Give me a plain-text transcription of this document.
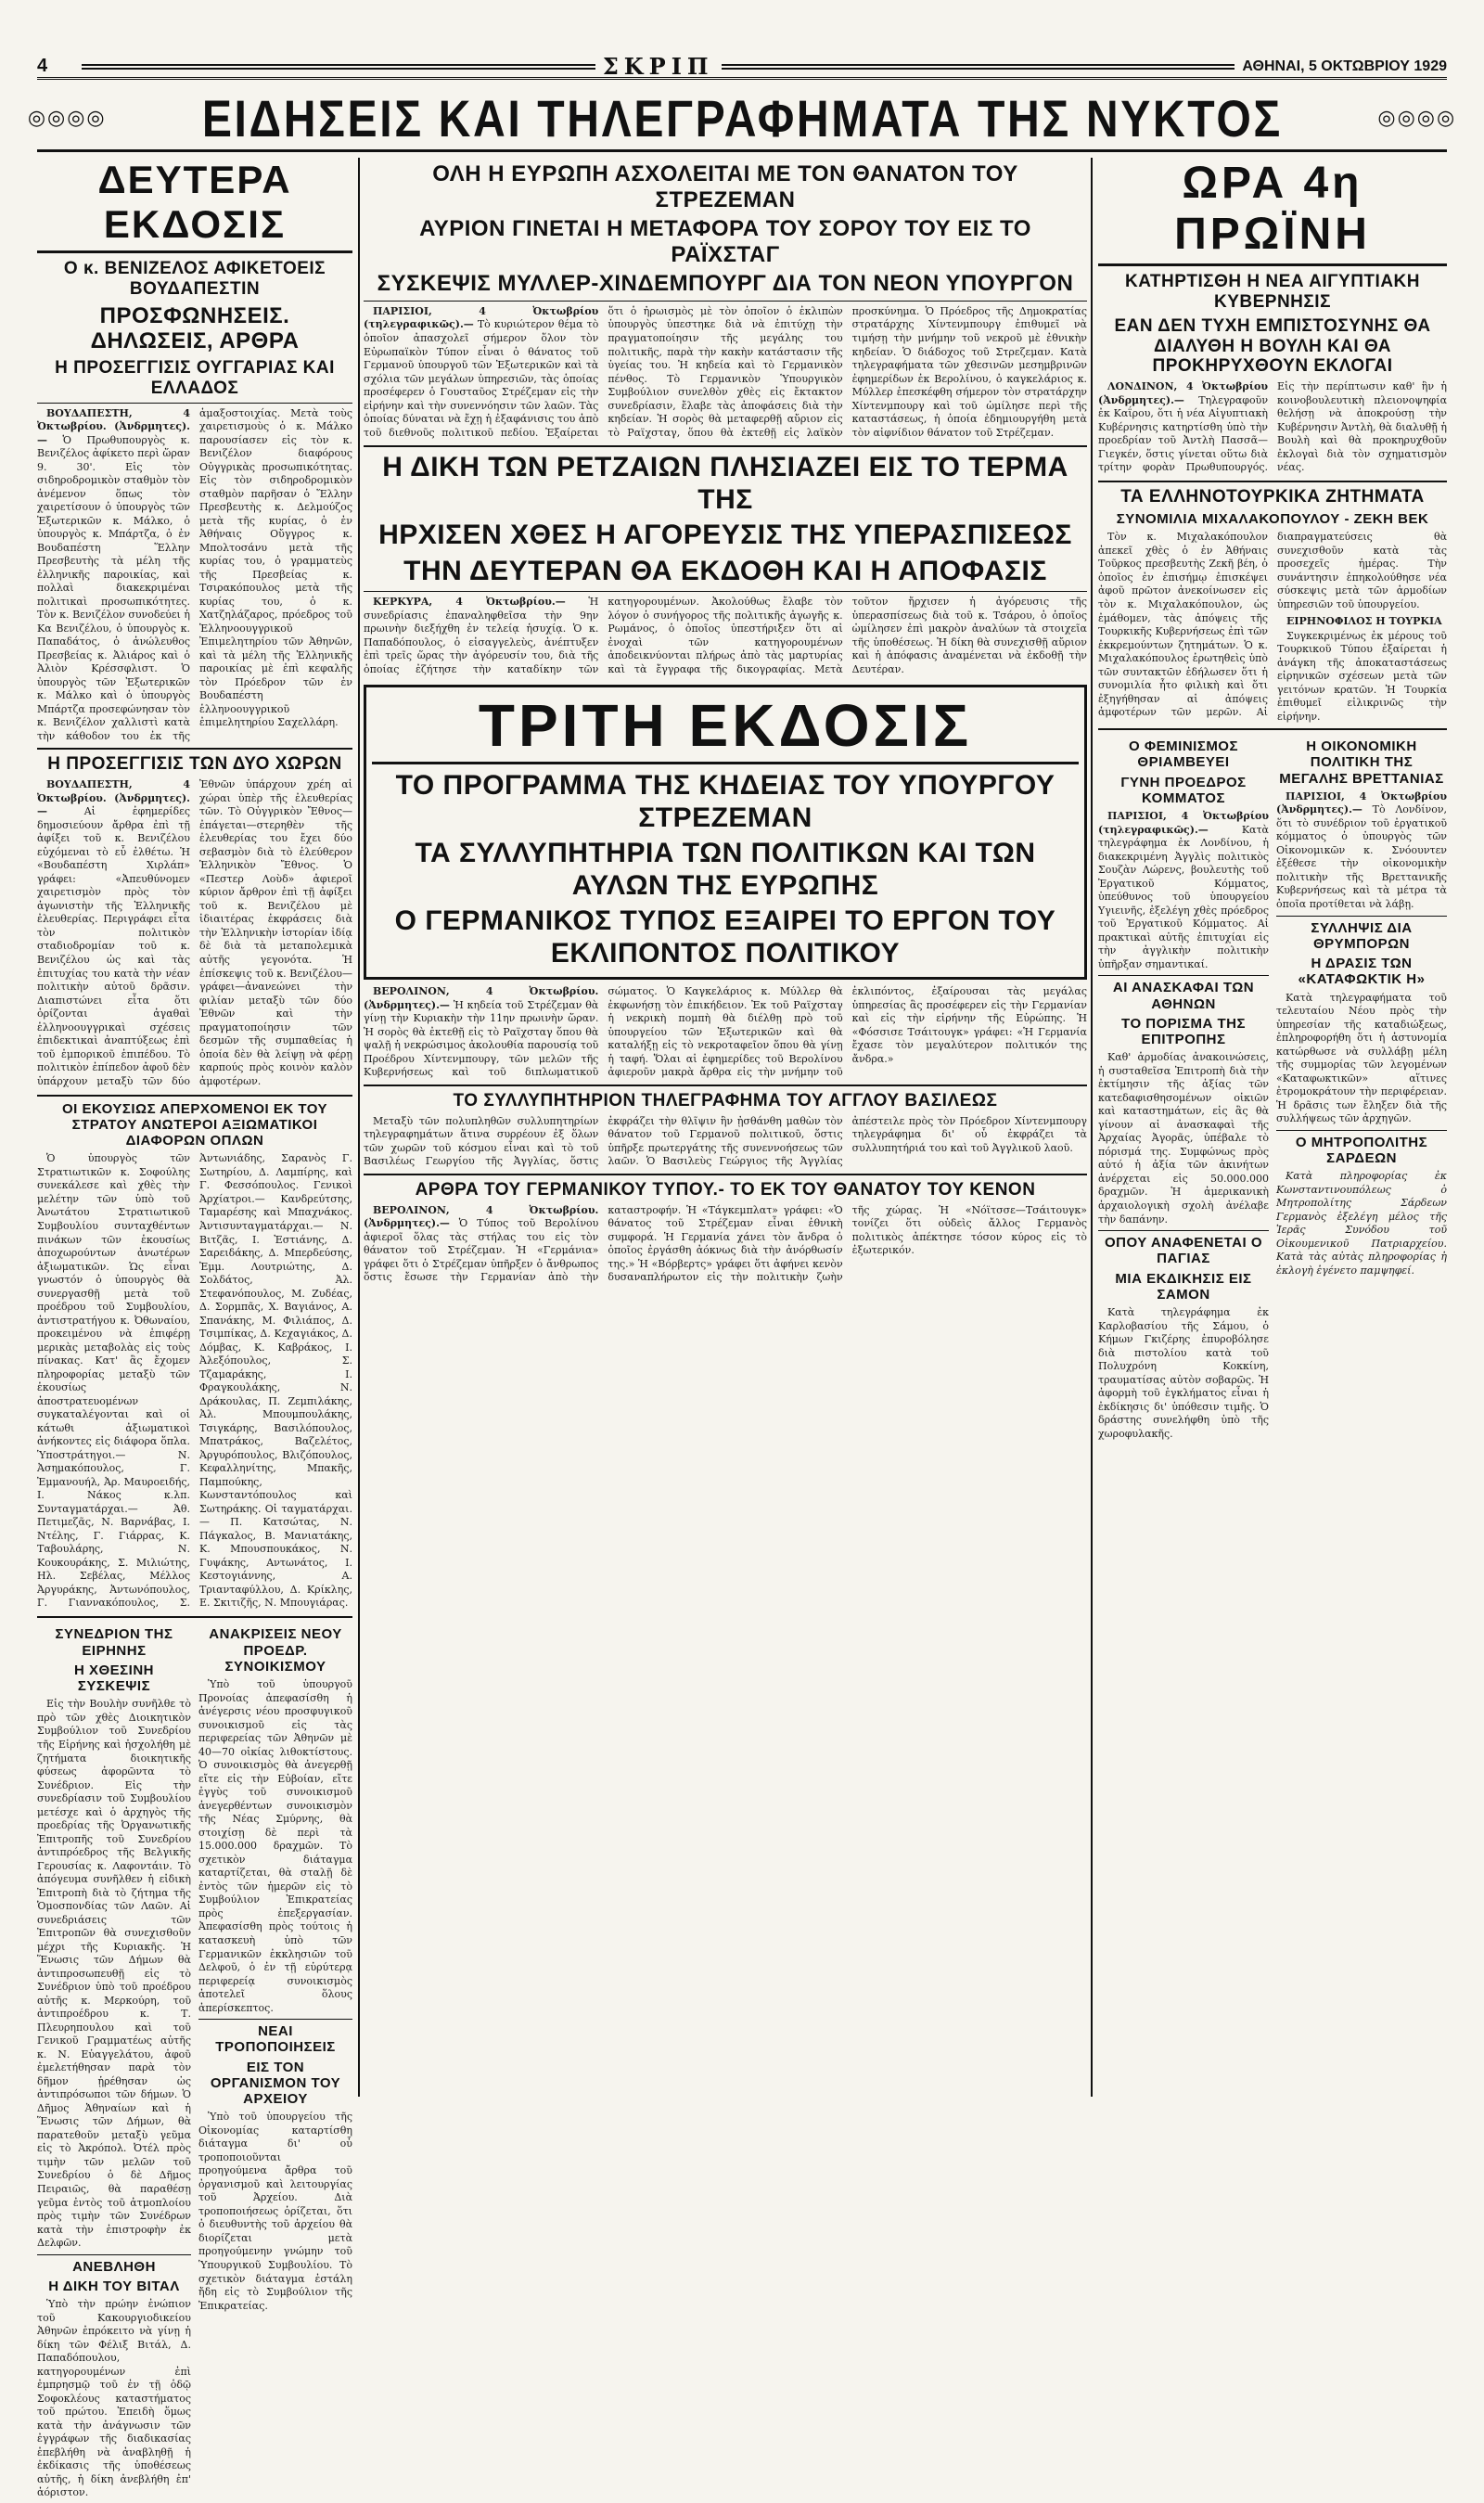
4	ΣΚΡΙΠ	ΑΘΗΝΑΙ, 5 ΟΚΤΩΒΡΙΟΥ 1929
◎◎◎◎ ΕΙΔΗΣΕΙΣ ΚΑΙ ΤΗΛΕΓΡΑΦΗΜΑΤΑ ΤΗΣ ΝΥΚΤΟΣ	◎◎◎◎
ΔΕΥΤΕΡΑ ΕΚΔΟΣΙΣ
Ο κ. ΒΕΝΙΖΕΛΟΣ ΑΦΙΚΕΤΟΕΙΣ ΒΟΥΔΑΠΕΣΤΙΝ
ΠΡΟΣΦΩΝΗΣΕΙΣ. ΔΗΛΩΣΕΙΣ, ΑΡΘΡΑ
Η ΠΡΟΣΕΓΓΙΣΙΣ ΟΥΓΓΑΡΙΑΣ ΚΑΙ ΕΛΛΑΔΟΣ

ΒΟΥΔΑΠΕΣΤΗ, 4 Ὀκτωβρίου. (Ἀνδρμητες).— Ὁ Πρωθυπουργὸς κ. Βενιζέλος ἀφίκετο περὶ ὥραν 9. 30'. Εἰς τὸν σιδηροδρομικὸν σταθμὸν τὸν ἀνέμενον ὅπως τὸν χαιρετίσουν ὁ ὑπουργὸς τῶν Ἐξωτερικῶν κ. Μάλκο, ὁ ὑπουργὸς κ. Μπάρτζα, ὁ ἐν Βουδαπέστη Ἕλλην Πρεσβευτὴς τὰ μέλη τῆς ἑλληνικῆς παροικίας, καὶ πολλαὶ διακεκριμέναι πολιτικαὶ προσωπικότητες. Τὸν κ. Βενιζέλον συνοδεύει ἡ Κα Βενιζέλου, ὁ ὑπουργὸς κ. Παπαδάτος, ὁ ἀνώλευθος Πρεσβείας κ. Ἀλιάρος καὶ ὁ Ἀλιὸν Κρέσσφλιστ. Ὁ ὑπουργὸς τῶν Ἐξωτερικῶν κ. Μάλκο καὶ ὁ ὑπουργὸς Μπάρτζα προσεφώνησαν τὸν κ. Βενιζέλον χαλλιστὶ κατὰ τὴν κάθοδον του ἐκ τῆς ἁμαξοστοιχίας. Μετὰ τοὺς χαιρετισμοὺς ὁ κ. Μάλκο παρουσίασεν εἰς τὸν κ. Βενιζέλον διαφόρους Οὐγγρικὰς προσωπικότητας. Εἰς τὸν σιδηροδρομικὸν σταθμὸν παρῆσαν ὁ Ἕλλην Πρεσβευτὴς κ. Δελμούζος μετὰ τῆς κυρίας, ὁ ἐν Ἀθήναις Οὔγγρος κ. Μπολτοσάνυ μετὰ τῆς κυρίας του, ὁ γραμματεὺς τῆς Πρεσβείας κ. Τσιρακόπουλος μετὰ τῆς κυρίας του, ὁ κ. Χατζηλάζαρος, πρόεδρος τοῦ Ἑλληνοουγγρικοῦ Ἐπιμελητηρίου τῶν Ἀθηνῶν, καὶ τὰ μέλη τῆς Ἑλληνικῆς παροικίας μὲ ἐπὶ κεφαλῆς τὸν Πρόεδρον τῶν ἐν Βουδαπέστη ἑλληνοουγγρικοῦ ἐπιμελητηρίου Σαχελλάρη.

Η ΠΡΟΣΕΓΓΙΣΙΣ ΤΩΝ ΔΥΟ ΧΩΡΩΝ

ΒΟΥΔΑΠΕΣΤΗ, 4 Ὀκτωβρίου. (Ἀνδρμητες).—	Αἱ ἐφημερίδες δημοσιεύουν ἄρθρα ἐπὶ τῇ ἀφίξει τοῦ κ. Βενιζέλου εὐχόμεναι τὸ εὖ ἐλθέτω. Ἡ «Βουδαπέστη Χιρλάπ» γράφει: «Ἀπευθύνομεν χαιρετισμὸν πρὸς τὸν ἀγωνιστὴν τῆς Ἑλληνικῆς ἐλευθερίας. Περιγράφει εἶτα τὸν πολιτικὸν σταδιοδρομίαν τοῦ κ. Βενιζέλου ὡς καὶ τὰς ἐπιτυχίας του κατὰ τὴν νέαν πολιτικὴν αὐτοῦ δρᾶσιν. Διαπιστώνει εἶτα ὅτι ὁρίζονται ἀγαθαὶ ἑλληνοουγγρικαὶ σχέσεις ἐπιδεκτικαὶ ἀναπτύξεως ἐπὶ τοῦ ἐμπορικοῦ ἐπιπέδου. Τὸ πολιτικὸν ἐπίπεδον ἀφοῦ δὲν ὑπάρχουν μεταξὺ τῶν δύο Ἐθνῶν ὑπάρχουν χρέη αἱ χώραι ὑπὲρ τῆς ἐλευθερίας τῶν. Τὸ Οὐγγρικὸν Ἔθνος—ἐπάγεται—στερηθὲν τῆς ἐλευθερίας του ἔχει δύο σεβασμὸν διὰ τὸ ἐλεύθερον Ἑλληνικὸν Ἔθνος. Ὁ «Πεστερ Λοὺδ» ἀφιεροῖ κύριον ἄρθρον ἐπὶ τῇ ἀφίξει τοῦ κ. Βενιζέλου μὲ ἰδιαιτέρας ἐκφράσεις διὰ τὴν Ἑλληνικὴν ἱστορίαν ἰδίᾳ δὲ διὰ τὰ μεταπολεμικὰ αὐτῆς γεγονότα. Ἡ ἐπίσκεψις τοῦ κ. Βενιζέλου—γράφει—ἀνανεώνει τὴν φιλίαν μεταξὺ τῶν δύο Ἐθνῶν καὶ τὴν πραγματοποίησιν τῶν δεσμῶν τῆς συμπαθείας ἡ ὁποία δὲν θὰ λείψῃ νὰ φέρῃ καρπούς πρὸς κοινὸν καλὸν ἀμφοτέρων.

ΟΙ ΕΚΟΥΣΙΩΣ ΑΠΕΡΧΟΜΕΝΟΙ ΕΚ ΤΟΥ ΣΤΡΑΤΟΥ ΑΝΩΤΕΡΟΙ ΑΞΙΩΜΑΤΙΚΟΙ ΔΙΑΦΟΡΩΝ ΟΠΛΩΝ

Ὁ ὑπουργὸς τῶν Στρατιωτικῶν κ. Σοφούλης συνεκάλεσε καὶ χθὲς τὴν μελέτην τῶν ὑπὸ τοῦ Ἀνωτάτου Στρατιωτικοῦ Συμβουλίου συνταχθέντων πινάκων τῶν ἑκουσίως ἀποχωρούντων ἀνωτέρων ἀξιωματικῶν. Ὡς εἶναι γνωστόν ὁ ὑπουργὸς θὰ συνεργασθῇ μετὰ τοῦ προέδρου τοῦ Συμβουλίου, ἀντιστρατήγου κ. Ὀθωναίου, προκειμένου νὰ ἐπιφέρῃ μερικὰς μεταβολὰς εἰς τοὺς πίνακας. Κατ' ἃς ἔχομεν πληροφορίας μεταξὺ τῶν ἑκουσίως ἀποστρατευομένων συγκαταλέγονται καὶ οἱ κάτωθι ἀξιωματικοὶ ἀνήκοντες εἰς διάφορα ὅπλα. Ὑποστράτηγοι.— Ν. Ἀσημακόπουλος, Γ. Ἐμμανουήλ, Ἀρ. Μαυροειδής, Ι. Νάκος κ.λπ. Συνταγματάρχαι.— Ἀθ. Πετιμεζᾶς, Ν. Βαρνάβας, Ι. Ντέλης, Γ. Γιάρρας, Κ. Ταβουλάρης, Ν. Κουκουράκης, Σ. Μιλιώτης, Ηλ. Σεβέλας, Μέλλος Ἀργυράκης, Ἀντωνόπουλος, Γ. Γιαννακόπουλος, Σ. Ἀντωνιάδης, Σαρανὸς Γ. Σωτηρίου, Δ. Λαμπίρης, καὶ Γ. Φεσσόπουλος. Γενικοὶ Ἀρχίατροι.— Κανδρεύτσης, Ταμαρέσης καὶ Μπαχνάκος. Ἀντισυνταγματάρχαι.— Ν. Βιτζᾶς, Ι. Ἐστιάνης, Δ. Σαρειδάκης, Δ. Μπερδεύσης, Ἐμμ. Λουτριώτης, Δ. Σολδάτος, Ἀλ. Στεφανόπουλος, Μ. Ζυδέας, Δ. Σορμπᾶς, Χ. Βαγιάνος, Α. Σπανάκης, Μ. Φιλιάπος, Δ. Τσιμπίκας, Δ. Κεχαγιάκος, Δ. Δόμβας, Κ. Καβράκος, Ι. Ἀλεξόπουλος, Σ. Τζαμαράκης, Ι. Φραγκουλάκης, Ν. Δράκουλας, Π. Ζεμπιλάκης, Ἀλ. Μπουμπουλάκης, Τσιγκάρης, Βασιλόπουλος, Μπατράκος, Βαζελέτος, Ἀργυρόπουλος, Βλιζόπουλος, Κεφαλληνίτης, Μπακῆς, Παμπούκης, Κωνσταντόπουλος καὶ Σωτηράκης. Οἱ ταγματάρχαι.— Π. Κατσώτας, Ν. Πάγκαλος, Β. Μανιατάκης, Κ. Μπουσπουκάκος, Ν. Γυψάκης, Αντωνάτος, Ι. Κεστογιάννης, Α. Τριανταφύλλου, Δ. Κρίκλης, Ε. Σκιτιζῆς, Ν. Μπουγιάρας.

ΣΥΝΕΔΡΙΟΝ ΤΗΣ ΕΙΡΗΝΗΣ
Η ΧΘΕΣΙΝΗ ΣΥΣΚΕΨΙΣ

Εἰς τὴν Βουλὴν συνῆλθε τὸ πρὸ τῶν χθὲς Διοικητικὸν Συμβούλιον τοῦ Συνεδρίου τῆς Εἰρήνης καὶ ἠσχολήθη μὲ ζητήματα διοικητικῆς φύσεως ἀφορῶντα τὸ Συνέδριον. Εἰς τὴν συνεδρίασιν τοῦ Συμβουλίου μετέσχε καὶ ὁ ἀρχηγὸς τῆς προεδρίας τῆς Ὀργανωτικῆς Ἐπιτροπῆς τοῦ Συνεδρίου ἀντιπρόεδρος τῆς Βελγικῆς Γερουσίας κ. Λαφοντάιν. Τὸ ἀπόγευμα συνῆλθεν ἡ εἰδικὴ Ἐπιτροπὴ διὰ τὸ ζήτημα τῆς Ὁμοσπονδίας τῶν Λαῶν. Αἱ συνεδριάσεις τῶν Ἐπιτροπῶν θὰ συνεχισθοῦν μέχρι τῆς Κυριακῆς. Ἡ Ἕνωσις τῶν Δήμων θὰ ἀντιπροσωπευθῇ εἰς τὸ Συνέδριον ὑπὸ τοῦ προέδρου αὐτῆς κ. Μερκούρη, τοῦ ἀντιπροέδρου κ. Τ. Πλευρηπουλου καὶ τοῦ Γενικοῦ Γραμματέως αὐτῆς κ. Ν. Εὐαγγελάτου, ἀφοῦ ἐμελετήθησαν παρὰ τὸν δῆμον ᾑρέθησαν ὡς ἀντιπρόσωποι τῶν δήμων. Ὁ Δῆμος Ἀθηναίων καὶ ἡ Ἕνωσις τῶν Δήμων, θὰ παρατεθοῦν μεταξὺ γεῦμα εἰς τὸ Ἀκρόπολ. Ὀτέλ πρὸς τιμὴν τῶν μελῶν τοῦ Συνεδρίου ὁ δὲ Δῆμος Πειραιῶς, θὰ παραθέσῃ γεῦμα ἐντὸς τοῦ ἀτμοπλοίου πρὸς τιμὴν τῶν Συνέδρων κατὰ τὴν ἐπιστροφὴν ἐκ Δελφῶν.

ΑΝΕΒΛΗΘΗ
Η ΔΙΚΗ ΤΟΥ ΒΙΤΑΛ

Ὑπὸ τὴν πρώην ἐνώπιον τοῦ Κακουργιοδικείου Ἀθηνῶν ἐπρόκειτο νὰ γίνῃ ἡ δίκη τῶν Φέλιξ Βιτάλ, Δ. Παπαδόπουλου, κατηγορουμένων ἐπὶ ἐμπρησμῷ τοῦ ἐν τῇ ὁδῷ Σοφοκλέους καταστήματος τοῦ πρώτου. Ἐπειδὴ ὅμως κατὰ τὴν ἀνάγνωσιν τῶν ἐγγράφων τῆς διαδικασίας ἐπεβλήθη νὰ ἀναβληθῇ ἡ ἐκδίκασις τῆς ὑποθέσεως αὐτῆς, ἡ δίκη ἀνεβλήθη ἐπ' ἀόριστον.

ΑΝΑΚΡΙΣΕΙΣ ΝΕΟΥ ΠΡΟΕΔΡ. ΣΥΝΟΙΚΙΣΜΟΥ

Ὑπὸ τοῦ ὑπουργοῦ Προνοίας ἀπεφασίσθη ἡ ἀνέγερσις νέου προσφυγικοῦ συνοικισμοῦ εἰς τὰς περιφερείας τῶν Ἀθηνῶν μὲ 40—70 οἰκίας λιθοκτίστους. Ὁ συνοικισμὸς θὰ ἀνεγερθῇ εἴτε εἰς τὴν Εὐβοίαν, εἴτε ἐγγὺς τοῦ συνοικισμοῦ ἀνεγερθέντων συνοικισμὸν τῆς Νέας Σμύρνης, θὰ στοιχίσῃ δὲ περὶ τὰ 15.000.000 δραχμῶν. Τὸ σχετικὸν διάταγμα καταρτίζεται, θὰ σταλῇ δὲ ἐντὸς τῶν ἡμερῶν εἰς τὸ Συμβούλιον Ἐπικρατείας πρὸς ἐπεξεργασίαν. Ἀπεφασίσθη πρὸς τούτοις ἡ κατασκευὴ ὑπὸ τῶν Γερμανικῶν ἐκκλησιῶν τοῦ Δελφοῦ, ὁ ἐν τῇ εὐρύτερᾳ περιφερείᾳ συνοικισμὸς ἀποτελεῖ ὅλους ἀπερίσκεπτος.

ΝΕΑΙ ΤΡΟΠΟΠΟΙΗΣΕΙΣ
ΕΙΣ ΤΟΝ ΟΡΓΑΝΙΣΜΟΝ ΤΟΥ ΑΡΧΕΙΟΥ

Ὑπὸ τοῦ ὑπουργείου τῆς Οἰκονομίας καταρτίσθη διάταγμα δι' οὗ τροποποιοῦνται προηγούμενα ἄρθρα τοῦ ὀργανισμοῦ καὶ λειτουργίας τοῦ Ἀρχείου. Διὰ τροποποιήσεως ὁρίζεται, ὅτι ὁ διευθυντὴς τοῦ ἀρχείου θὰ διορίζεται μετὰ προηγούμενην γνώμην τοῦ Ὑπουργικοῦ Συμβουλίου. Τὸ σχετικὸν διάταγμα ἐστάλη ἤδη εἰς τὸ Συμβούλιον τῆς Ἐπικρατείας.

ΟΛΗ Η ΕΥΡΩΠΗ ΑΣΧΟΛΕΙΤΑΙ ΜΕ ΤΟΝ ΘΑΝΑΤΟΝ ΤΟΥ ΣΤΡΕΖΕΜΑΝ
ΑΥΡΙΟΝ ΓΙΝΕΤΑΙ Η ΜΕΤΑΦΟΡΑ ΤΟΥ ΣΟΡΟΥ ΤΟΥ ΕΙΣ ΤΟ ΡΑΪΧΣΤΑΓ
ΣΥΣΚΕΨΙΣ ΜΥΛΛΕΡ-ΧΙΝΔΕΜΠΟΥΡΓ ΔΙΑ ΤΟΝ ΝΕΟΝ ΥΠΟΥΡΓΟΝ

ΠΑΡΙΣΙΟΙ, 4 Ὀκτωβρίου (τηλεγραφικῶς).— Τὸ κυριώτερον θέμα τὸ ὁποῖον ἀπασχολεῖ σήμερον ὅλον τὸν Εὐρωπαϊκὸν Τύπον εἶναι ὁ θάνατος τοῦ Γερμανοῦ ὑπουργοῦ τῶν Ἐξωτερικῶν καὶ τὰ σχόλια τῶν μεγάλων ὑπηρεσιῶν, τὰς ὁποίας προσέφερεν ὁ Γουσταῦος Στρέζεμαν εἰς τὴν εἰρήνην καὶ τὴν συνεννόησιν τῶν λαῶν. Τὰς ὁποίας δύναται νὰ ἔχῃ ἡ ἐξαφάνισις του ἀπὸ τοῦ διεθνοῦς πολιτικοῦ πεδίου. Ἐξαίρεται ὅτι ὁ ἠρωισμὸς μὲ τὸν ὁποῖον ὁ ἐκλιπὼν ὑπουργὸς ὑπεστηκε διὰ νὰ ἐπιτύχῃ τὴν πραγματοποίησιν τῆς μεγάλης του πολιτικῆς, παρὰ τὴν κακὴν κατάστασιν τῆς ὑγείας του. Ἡ κηδεία καὶ τὸ Γερμανικὸν πένθος. Τὸ Γερμανικὸν Ὑπουργικὸν Συμβούλιον συνελθὸν χθὲς εἰς ἔκτακτον συνεδρίασιν, ἔλαβε τὰς ἀποφάσεις διὰ τὴν κηδείαν. Ἡ σορὸς θὰ μεταφερθῇ αὔριον εἰς τὸ Ραϊχσταγ, ὅπου θὰ ἐκτεθῇ εἰς λαϊκὸν προσκύνημα. Ὁ Πρόεδρος τῆς Δημοκρατίας στρατάρχης Χίντενμπουργ ἐπιθυμεῖ νὰ τιμήσῃ τὴν μνήμην τοῦ νεκροῦ μὲ ἐθνικὴν κηδείαν. Ὁ διάδοχος τοῦ Στρεζεμαν. Κατὰ τηλεγραφήματα τῶν χθεσινῶν μεσημβρινῶν ἐφημερίδων ἐκ Βερολίνου, ὁ καγκελάριος κ. Μύλλερ ἐπεσκέφθη σήμερον τὸν στρατάρχην Χίντενμπουργ καὶ τοῦ ὡμίλησε περὶ τῆς καταστάσεως, ἡ ὁποία ἐδημιουργήθη μετὰ τὸν αἰφνίδιον θάνατον τοῦ Στρέζεμαν.

Η ΔΙΚΗ ΤΩΝ ΡΕΤΖΑΙΩΝ ΠΛΗΣΙΑΖΕΙ ΕΙΣ ΤΟ ΤΕΡΜΑ ΤΗΣ
ΗΡΧΙΣΕΝ ΧΘΕΣ Η ΑΓΟΡΕΥΣΙΣ ΤΗΣ ΥΠΕΡΑΣΠΙΣΕΩΣ
ΤΗΝ ΔΕΥΤΕΡΑΝ ΘΑ ΕΚΔΟΘΗ ΚΑΙ Η ΑΠΟΦΑΣΙΣ

ΚΕΡΚΥΡΑ, 4 Ὀκτωβρίου.— Ἡ συνεδρίασις ἐπαναληφθεῖσα τὴν 9ην πρωινὴν διεξήχθη ἐν τελείᾳ ἡσυχίᾳ. Ὁ κ. Παπαδόπουλος, ὁ εἰσαγγελεὺς, ἀνέπτυξεν ἐπὶ τρεῖς ὥρας τὴν ἀγόρευσίν του, διὰ τῆς ὁποίας ἐζήτησε τὴν καταδίκην τῶν κατηγορουμένων. Ἀκολούθως ἔλαβε τὸν λόγον ὁ συνήγορος τῆς πολιτικῆς ἀγωγῆς κ. Ρωμάνος, ὁ ὁποῖος ὑπεστήριξεν ὅτι αἱ ἐνοχαὶ τῶν κατηγορουμένων ἀποδεικνύονται πλήρως ἀπὸ τὰς μαρτυρίας καὶ τὰ ἔγγραφα τῆς δικογραφίας. Μετὰ τοῦτον ἤρχισεν ἡ ἀγόρευσις τῆς ὑπερασπίσεως διὰ τοῦ κ. Τσάρου, ὁ ὁποῖος ὡμίλησεν ἐπὶ μακρὸν ἀναλύων τὰ στοιχεῖα τῆς ὑποθέσεως. Ἡ δίκη θὰ συνεχισθῇ αὔριον καὶ ἡ ἀπόφασις ἀναμένεται νὰ ἐκδοθῇ τὴν Δευτέραν.

ΤΡΙΤΗ ΕΚΔΟΣΙΣ
ΤΟ ΠΡΟΓΡΑΜΜΑ ΤΗΣ ΚΗΔΕΙΑΣ ΤΟΥ ΥΠΟΥΡΓΟΥ ΣΤΡΕΖΕΜΑΝ
ΤΑ ΣΥΛΛΥΠΗΤΗΡΙΑ ΤΩΝ ΠΟΛΙΤΙΚΩΝ ΚΑΙ ΤΩΝ ΑΥΛΩΝ ΤΗΣ ΕΥΡΩΠΗΣ
Ο ΓΕΡΜΑΝΙΚΟΣ ΤΥΠΟΣ ΕΞΑΙΡΕΙ ΤΟ ΕΡΓΟΝ ΤΟΥ ΕΚΛΙΠΟΝΤΟΣ ΠΟΛΙΤΙΚΟΥ

ΒΕΡΟΛΙΝΟΝ, 4 Ὀκτωβρίου. (Ἀνδρμητες).— Ἡ κηδεία τοῦ Στρέζεμαν θὰ γίνῃ τὴν Κυριακὴν τὴν 11ην πρωινὴν ὥραν. Ἡ σορὸς θὰ ἐκτεθῇ εἰς τὸ Ραϊχσταγ ὅπου θὰ ψαλῇ ἡ νεκρώσιμος ἀκολουθία παρουσίᾳ τοῦ Προέδρου Χίντενμπουργ, τῶν μελῶν τῆς Κυβερνήσεως καὶ τοῦ διπλωματικοῦ σώματος. Ὁ Καγκελάριος κ. Μύλλερ θὰ ἐκφωνήσῃ τὸν ἐπικήδειον. Ἐκ τοῦ Ραϊχσταγ ἡ νεκρικὴ πομπὴ θὰ διέλθῃ πρὸ τοῦ ὑπουργείου τῶν Ἐξωτερικῶν καὶ θὰ καταλήξῃ εἰς τὸ νεκροταφεῖον ὅπου θὰ γίνῃ ἡ ταφή. Ὅλαι αἱ ἐφημερίδες τοῦ Βερολίνου ἀφιεροῦν μακρὰ ἄρθρα εἰς τὴν μνήμην τοῦ ἐκλιπόντος, ἐξαίρουσαι τὰς μεγάλας ὑπηρεσίας ἃς προσέφερεν εἰς τὴν Γερμανίαν καὶ εἰς τὴν εἰρήνην τῆς Εὐρώπης. Ἡ «Φόσσισε Τσάιτουγκ» γράφει: «Ἡ Γερμανία ἔχασε τὸν μεγαλύτερον πολιτικόν της ἄνδρα.»

ΤΟ ΣΥΛΛΥΠΗΤΗΡΙΟΝ ΤΗΛΕΓΡΑΦΗΜΑ ΤΟΥ ΑΓΓΛΟΥ ΒΑΣΙΛΕΩΣ

Μεταξὺ τῶν πολυπληθῶν συλλυπητηρίων τηλεγραφημάτων ἅτινα συρρέουν ἐξ ὅλων τῶν χωρῶν τοῦ κόσμου εἶναι καὶ τὸ τοῦ Βασιλέως Γεωργίου τῆς Ἀγγλίας, ὅστις ἐκφράζει τὴν θλῖψιν ἣν ᾐσθάνθη μαθὼν τὸν θάνατον τοῦ Γερμανοῦ πολιτικοῦ, ὅστις ὑπῆρξε πρωτεργάτης τῆς συνεννοήσεως τῶν λαῶν. Ὁ Βασιλεὺς Γεώργιος τῆς Ἀγγλίας ἀπέστειλε πρὸς τὸν Πρόεδρον Χίντενμπουργ τηλεγράφημα δι' οὗ ἐκφράζει τὰ συλλυπητήριά του καὶ τοῦ Ἀγγλικοῦ λαοῦ.

ΑΡΘΡΑ ΤΟΥ ΓΕΡΜΑΝΙΚΟΥ ΤΥΠΟΥ.- ΤΟ ΕΚ ΤΟΥ ΘΑΝΑΤΟΥ ΤΟΥ ΚΕΝΟΝ

ΒΕΡΟΛΙΝΟΝ, 4 Ὀκτωβρίου. (Ἀνδρμητες).— Ὁ Τύπος τοῦ Βερολίνου ἀφιεροῖ ὅλας τὰς στήλας του εἰς τὸν θάνατον τοῦ Στρέζεμαν. Ἡ «Γερμάνια» γράφει ὅτι ὁ Στρέζεμαν ὑπῆρξεν ὁ ἄνθρωπος ὅστις ἔσωσε τὴν Γερμανίαν ἀπὸ τὴν καταστροφήν. Ἡ «Τάγκεμπλατ» γράφει: «Ὁ θάνατος τοῦ Στρέζεμαν εἶναι ἐθνικὴ συμφορά. Ἡ Γερμανία χάνει τὸν ἄνδρα ὁ ὁποῖος ἐργάσθη ἀόκνως διὰ τὴν ἀνόρθωσίν της.» Ἡ «Βόρβερτς» γράφει ὅτι ἀφήνει κενὸν δυσαναπλήρωτον εἰς τὴν πολιτικὴν ζωὴν τῆς χώρας. Ἡ «Νόϊτσσε—Τσάιτουγκ» τονίζει ὅτι οὐδεὶς ἄλλος Γερμανὸς πολιτικὸς ἀπέκτησε τόσον κύρος εἰς τὸ ἐξωτερικόν.

ΩΡΑ 4η ΠΡΩΪΝΗ
ΚΑΤΗΡΤΙΣΘΗ Η ΝΕΑ ΑΙΓΥΠΤΙΑΚΗ ΚΥΒΕΡΝΗΣΙΣ
ΕΑΝ ΔΕΝ ΤΥΧΗ ΕΜΠΙΣΤΟΣΥΝΗΣ ΘΑ ΔΙΑΛΥΘΗ Η ΒΟΥΛΗ ΚΑΙ ΘΑ ΠΡΟΚΗΡΥΧΘΟΥΝ ΕΚΛΟΓΑΙ

ΛΟΝΔΙΝΟΝ, 4 Ὀκτωβρίου (Ἀνδρμητες).— Τηλεγραφοῦν ἐκ Καΐρου, ὅτι ἡ νέα Αἰγυπτιακὴ Κυβέρνησις κατηρτίσθη ὑπὸ τὴν προεδρίαν τοῦ Ἀντλὴ Πασσᾶ—Γιεγκέν, ὅστις γίνεται οὕτω διὰ τρίτην φορὰν Πρωθυπουργός. Εἰς τὴν περίπτωσιν καθ' ἣν ἡ κοινοβουλευτικὴ πλειονοψηφία θελήσῃ νὰ ἀποκρούσῃ τὴν Κυβέρνησιν Ἀντλὴ, θὰ διαλυθῇ ἡ Βουλὴ καὶ θὰ προκηρυχθοῦν ἐκλογαὶ διὰ τὸν σχηματισμὸν νέας.

ΤΑ ΕΛΛΗΝΟΤΟΥΡΚΙΚΑ ΖΗΤΗΜΑΤΑ
ΣΥΝΟΜΙΛΙΑ ΜΙΧΑΛΑΚΟΠΟΥΛΟΥ - ΖΕΚΗ ΒΕΚ

Τὸν κ. Μιχαλακόπουλον ἀπεκεῖ χθὲς ὁ ἐν Ἀθήναις Τοῦρκος πρεσβευτὴς Ζεκῆ βέη, ὁ ὁποῖος ἐν ἐπισήμῳ ἐπισκέψει ἀφοῦ πρῶτον ἀνεκοίνωσεν εἰς τὸν κ. Μιχαλακόπουλον, ὡς ἐμάθομεν, τὰς ἀπόψεις τῆς Τουρκικῆς Κυβερνήσεως ἐπὶ τῶν ἐκκρεμούντων ζητημάτων. Ὁ κ. Μιχαλακόπουλος ἐρωτηθεὶς ὑπὸ τῶν συντακτῶν ἐδήλωσεν ὅτι ἡ συνομιλία ἦτο φιλικὴ καὶ ὅτι ἐξηγήθησαν αἱ ἀπόψεις ἀμφοτέρων τῶν μερῶν. Αἱ διαπραγματεύσεις θὰ συνεχισθοῦν κατὰ τὰς προσεχεῖς ἡμέρας. Τὴν συνάντησιν ἐπηκολούθησε νέα σύσκεψις μετὰ τῶν ἁρμοδίων ὑπηρεσιῶν τοῦ ὑπουργείου.

ΕΙΡΗΝΟΦΙΛΟΣ Η ΤΟΥΡΚΙΑ

Συγκεκριμένως ἐκ μέρους τοῦ Τουρκικοῦ Τύπου ἐξαίρεται ἡ ἀνάγκη τῆς ἀποκαταστάσεως εἰρηνικῶν σχέσεων μετὰ τῶν γειτόνων κρατῶν. Ἡ Τουρκία ἐπιθυμεῖ εἰλικρινῶς τὴν εἰρήνην.

Ο ΦΕΜΙΝΙΣΜΟΣ ΘΡΙΑΜΒΕΥΕΙ
ΓΥΝΗ ΠΡΟΕΔΡΟΣ ΚΟΜΜΑΤΟΣ

ΠΑΡΙΣΙΟΙ, 4 Ὀκτωβρίου (τηλεγραφικῶς).—	Κατὰ τηλεγράφημα ἐκ Λονδίνου, ἡ διακεκριμένη Ἀγγλὶς πολιτικὸς Σουζὰν Λώρενς, βουλευτὴς τοῦ Ἐργατικοῦ Κόμματος, ὑπεύθυνος τοῦ ὑπουργείου Υγιεινῆς, ἐξελέγη χθὲς πρόεδρος τοῦ Ἐργατικοῦ Κόμματος. Αἱ πρακτικαὶ αὐτῆς ἐπιτυχίαι εἰς τὴν ἀγγλικὴν πολιτικὴν ὑπῆρξαν σημαντικαί.

ΑΙ ΑΝΑΣΚΑΦΑΙ ΤΩΝ ΑΘΗΝΩΝ
ΤΟ ΠΟΡΙΣΜΑ ΤΗΣ ΕΠΙΤΡΟΠΗΣ

Καθ' ἁρμοδίας ἀνακοινώσεις, ἡ συσταθεῖσα Ἐπιτροπὴ διὰ τὴν ἐκτίμησιν τῆς ἀξίας τῶν κατεδαφισθησομένων οἰκιῶν καὶ καταστημάτων, εἰς ἃς θὰ γίνουν αἱ ἀνασκαφαὶ τῆς Ἀρχαίας Ἀγορᾶς, ὑπέβαλε τὸ πόρισμά της. Συμφώνως πρὸς αὐτό ἡ ἀξία τῶν ἀκινήτων ἀνέρχεται εἰς 50.000.000 δραχμῶν. Ἡ ἀμερικανικὴ ἀρχαιολογικὴ σχολὴ ἀνέλαβε τὴν δαπάνην.

ΟΠΟΥ ΑΝΑΦΕΝΕΤΑΙ Ο ΠΑΓΙΑΣ
ΜΙΑ ΕΚΔΙΚΗΣΙΣ ΕΙΣ ΣΑΜΟΝ

Κατὰ τηλεγράφημα ἐκ Καρλοβασίου τῆς Σάμου, ὁ Κήμων Γκιζέρης ἐπυροβόλησε διὰ πιστολίου κατὰ τοῦ Πολυχρόνη Κοκκίνη, τραυματίσας αὐτὸν σοβαρῶς. Ἡ ἀφορμὴ τοῦ ἐγκλήματος εἶναι ἡ ἐκδίκησις δι' ὑπόθεσιν τιμῆς. Ὁ δράστης συνελήφθη ὑπὸ τῆς χωροφυλακῆς.

Η ΟΙΚΟΝΟΜΙΚΗ ΠΟΛΙΤΙΚΗ ΤΗΣ ΜΕΓΑΛΗΣ ΒΡΕΤΤΑΝΙΑΣ

ΠΑΡΙΣΙΟΙ, 4 Ὀκτωβρίου (Ἀνδρμητες).— Τὸ Λονδίνον, ὅτι τὸ συνέδριον τοῦ ἐργατικοῦ κόμματος ὁ ὑπουργὸς τῶν Οἰκονομικῶν κ. Σνόουντεν ἐξέθεσε τὴν οἰκονομικὴν πολιτικὴν τῆς Βρεττανικῆς Κυβερνήσεως καὶ τὰ μέτρα τὰ ὁποῖα προτίθεται νὰ λάβῃ.

ΣΥΛΛΗΨΙΣ ΔΙΑ ΘΡΥΜΠΟΡΩΝ
Η ΔΡΑΣΙΣ ΤΩΝ «ΚΑΤΑΦΩΚΤΙΚ Η»

Κατὰ τηλεγραφήματα τοῦ τελευταίου Νέου πρὸς τὴν ὑπηρεσίαν τῆς καταδιώξεως, ἐπληροφορήθη ὅτι ἡ ἀστυνομία κατώρθωσε νὰ συλλάβῃ μέλη τῆς συμμορίας τῶν λεγομένων «Καταφωκτικῶν» αἵτινες ἐτρομοκράτουν τὴν περιφέρειαν. Ἡ δρᾶσις των ἔληξεν διὰ τῆς συλλήψεως τῶν ἀρχηγῶν.

Ο ΜΗΤΡΟΠΟΛΙΤΗΣ ΣΑΡΔΕΩΝ

Κατὰ πληροφορίας ἐκ Κωνσταντινουπόλεως ὁ Μητροπολίτης Σάρδεων Γερμανὸς ἐξελέγη μέλος τῆς Ἱερᾶς Συνόδου τοῦ Οἰκουμενικοῦ Πατριαρχείου. Κατὰ τὰς αὐτὰς πληροφορίας ἡ ἐκλογὴ ἐγένετο παμψηφεί.
